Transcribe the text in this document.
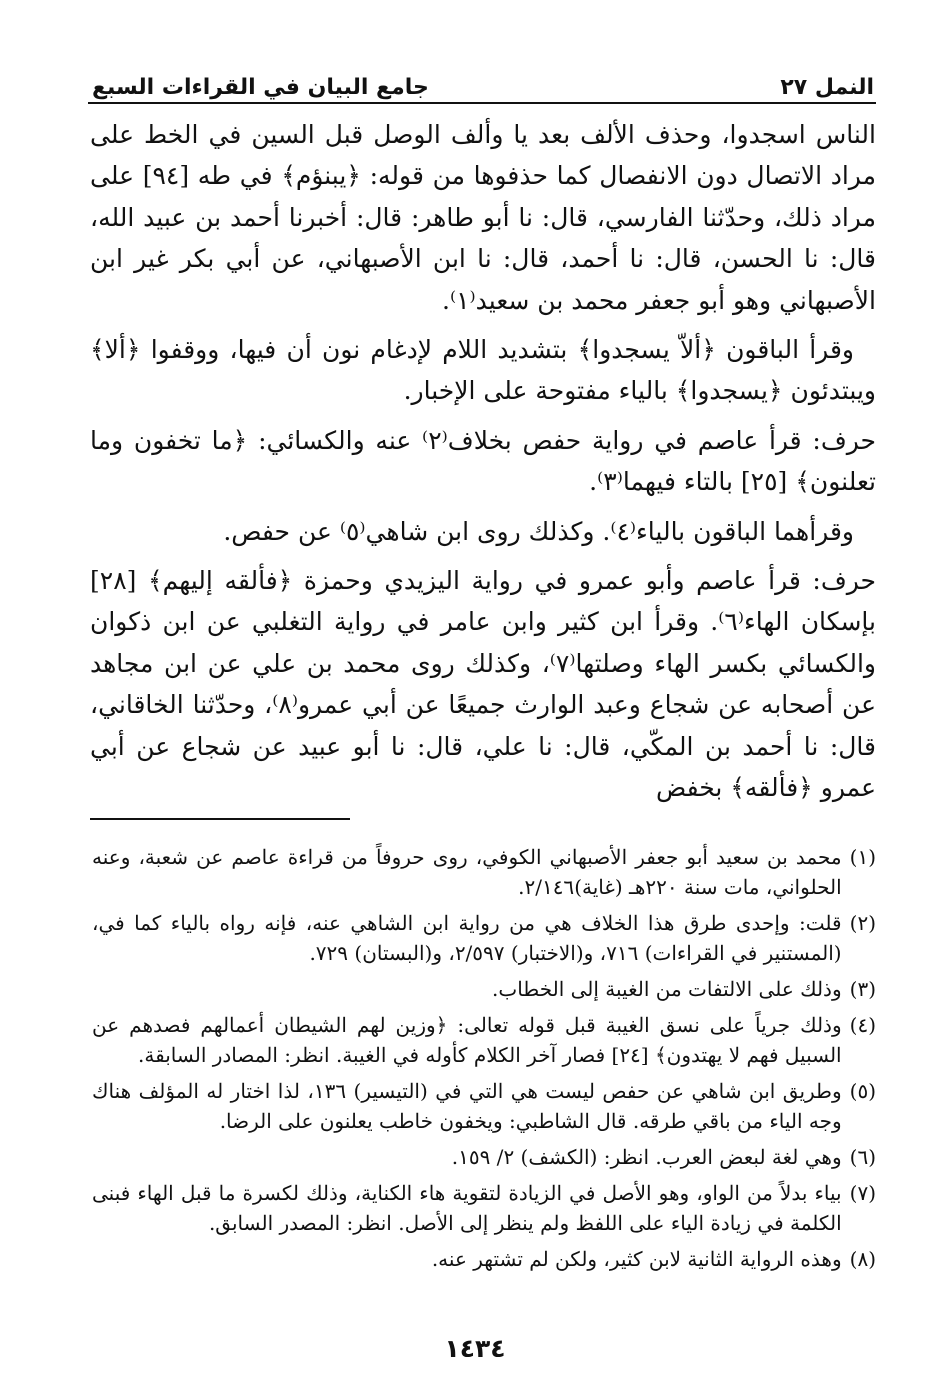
النمل ٢٧
جامع البيان في القراءات السبع

الناس اسجدوا، وحذف الألف بعد يا وألف الوصل قبل السين في الخط على مراد الاتصال دون الانفصال كما حذفوها من قوله: ﴿يبنؤم﴾ في طه [٩٤] على مراد ذلك، وحدّثنا الفارسي، قال: نا أبو طاهر: قال: أخبرنا أحمد بن عبيد الله، قال: نا الحسن، قال: نا أحمد، قال: نا ابن الأصبهاني، عن أبي بكر غير ابن الأصبهاني وهو أبو جعفر محمد بن سعيد⁽١⁾.

وقرأ الباقون ﴿ألاّ يسجدوا﴾ بتشديد اللام لإدغام نون أن فيها، ووقفوا ﴿ألا﴾ ويبتدئون ﴿يسجدوا﴾ بالياء مفتوحة على الإخبار.

حرف: قرأ عاصم في رواية حفص بخلاف⁽٢⁾ عنه والكسائي: ﴿ما تخفون وما تعلنون﴾ [٢٥] بالتاء فيهما⁽٣⁾.

وقرأهما الباقون بالياء⁽٤⁾. وكذلك روى ابن شاهي⁽٥⁾ عن حفص.

حرف: قرأ عاصم وأبو عمرو في رواية اليزيدي وحمزة ﴿فألقه إليهم﴾ [٢٨] بإسكان الهاء⁽٦⁾. وقرأ ابن كثير وابن عامر في رواية التغلبي عن ابن ذكوان والكسائي بكسر الهاء وصلتها⁽٧⁾، وكذلك روى محمد بن علي عن ابن مجاهد عن أصحابه عن شجاع وعبد الوارث جميعًا عن أبي عمرو⁽٨⁾، وحدّثنا الخاقاني، قال: نا أحمد بن المكّي، قال: نا علي، قال: نا أبو عبيد عن شجاع عن أبي عمرو ﴿فألقه﴾ بخفض

(١)
محمد بن سعيد أبو جعفر الأصبهاني الكوفي، روى حروفاً من قراءة عاصم عن شعبة، وعنه الحلواني، مات سنة ٢٢٠هـ (غاية)٢/١٤٦.
(٢)
قلت: وإحدى طرق هذا الخلاف هي من رواية ابن الشاهي عنه، فإنه رواه بالياء كما في، (المستنير في القراءات) ٧١٦، و(الاختبار) ٢/٥٩٧، و(البستان) ٧٢٩.
(٣)
وذلك على الالتفات من الغيبة إلى الخطاب.
(٤)
وذلك جرياً على نسق الغيبة قبل قوله تعالى: ﴿وزين لهم الشيطان أعمالهم فصدهم عن السبيل فهم لا يهتدون﴾ [٢٤] فصار آخر الكلام كأوله في الغيبة. انظر: المصادر السابقة.
(٥)
وطريق ابن شاهي عن حفص ليست هي التي في (التيسير) ١٣٦، لذا اختار له المؤلف هناك وجه الياء من باقي طرقه. قال الشاطبي: ويخفون خاطب يعلنون على الرضا.
(٦)
وهي لغة لبعض العرب. انظر: (الكشف) ٢/ ١٥٩.
(٧)
بياء بدلاً من الواو، وهو الأصل في الزيادة لتقوية هاء الكناية، وذلك لكسرة ما قبل الهاء فبنى الكلمة في زيادة الياء على اللفظ ولم ينظر إلى الأصل. انظر: المصدر السابق.
(٨)
وهذه الرواية الثانية لابن كثير، ولكن لم تشتهر عنه.
١٤٣٤
